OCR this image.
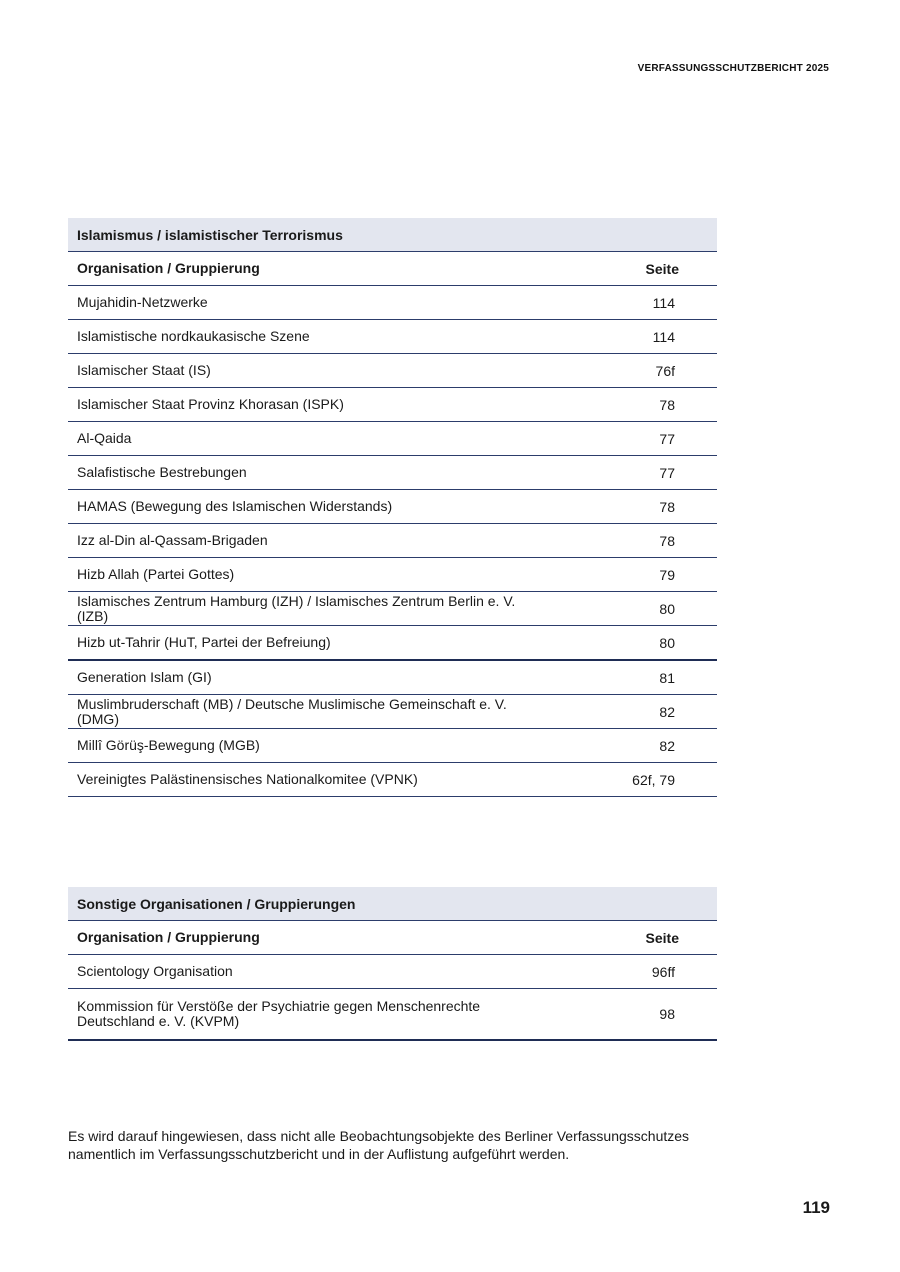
VERFASSUNGSSCHUTZBERICHT 2025
Islamismus / islamistischer Terrorismus
Organisation / Gruppierung	Seite
Mujahidin-Netzwerke	114
Islamistische nordkaukasische Szene	114
Islamischer Staat (IS)	76f
Islamischer Staat Provinz Khorasan (ISPK)	78
Al-Qaida	77
Salafistische Bestrebungen	77
HAMAS (Bewegung des Islamischen Widerstands)	78
Izz al-Din al-Qassam-Brigaden	78
Hizb Allah (Partei Gottes)	79
Islamisches Zentrum Hamburg (IZH) / Islamisches Zentrum Berlin e. V. (IZB)	80
Hizb ut-Tahrir (HuT, Partei der Befreiung)	80
Generation Islam (GI)	81
Muslimbruderschaft (MB) / Deutsche Muslimische Gemeinschaft e. V. (DMG)	82
Millî Görüş-Bewegung (MGB)	82
Vereinigtes Palästinensisches Nationalkomitee (VPNK)	62f, 79
Sonstige Organisationen / Gruppierungen
Organisation / Gruppierung	Seite
Scientology Organisation	96ff
Kommission für Verstöße der Psychiatrie gegen Menschenrechte Deutschland e. V. (KVPM)	98
Es wird darauf hingewiesen, dass nicht alle Beobachtungsobjekte des Berliner Verfassungsschutzes namentlich im Verfassungsschutzbericht und in der Auflistung aufgeführt werden.
119
